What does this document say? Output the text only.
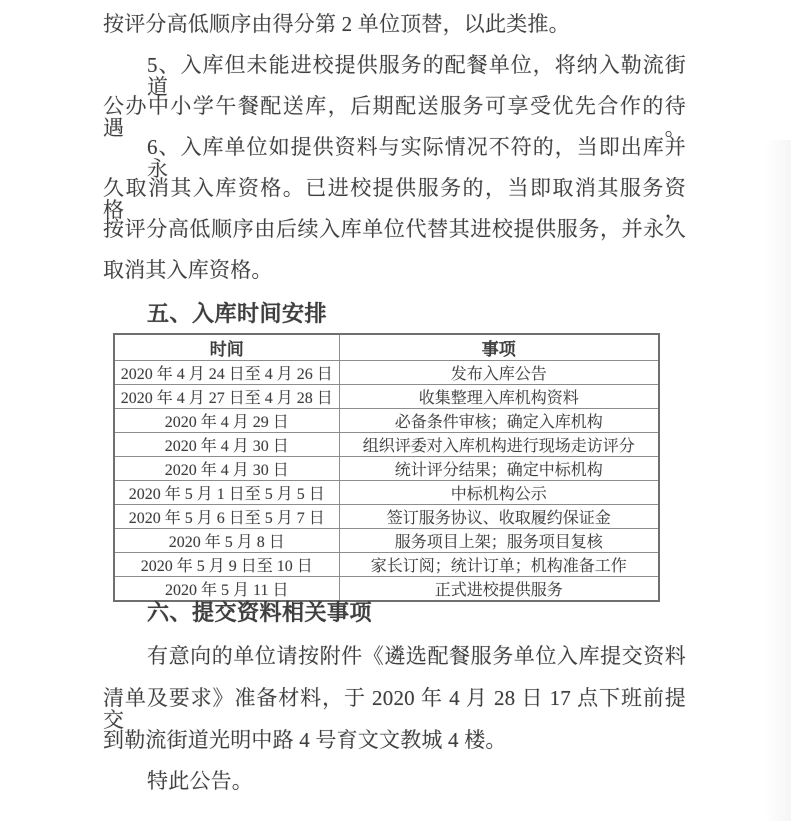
按评分高低顺序由得分第 2 单位顶替，以此类推。
5、入库但未能进校提供服务的配餐单位，将纳入勒流街道
公办中小学午餐配送库，后期配送服务可享受优先合作的待遇。
6、入库单位如提供资料与实际情况不符的，当即出库并永
久取消其入库资格。已进校提供服务的，当即取消其服务资格，
按评分高低顺序由后续入库单位代替其进校提供服务，并永久
取消其入库资格。
五、入库时间安排
时间	事项
2020 年 4 月 24 日至 4 月 26 日	发布入库公告
2020 年 4 月 27 日至 4 月 28 日	收集整理入库机构资料
2020 年 4 月 29 日	必备条件审核；确定入库机构
2020 年 4 月 30 日	组织评委对入库机构进行现场走访评分
2020 年 4 月 30 日	统计评分结果；确定中标机构
2020 年 5 月 1 日至 5 月 5 日	中标机构公示
2020 年 5 月 6 日至 5 月 7 日	签订服务协议、收取履约保证金
2020 年 5 月 8 日	服务项目上架；服务项目复核
2020 年 5 月 9 日至 10 日	家长订阅；统计订单；机构准备工作
2020 年 5 月 11 日	正式进校提供服务
六、提交资料相关事项
有意向的单位请按附件《遴选配餐服务单位入库提交资料
清单及要求》准备材料，于 2020 年 4 月 28 日 17 点下班前提交
到勒流街道光明中路 4 号育文文教城 4 楼。
特此公告。
